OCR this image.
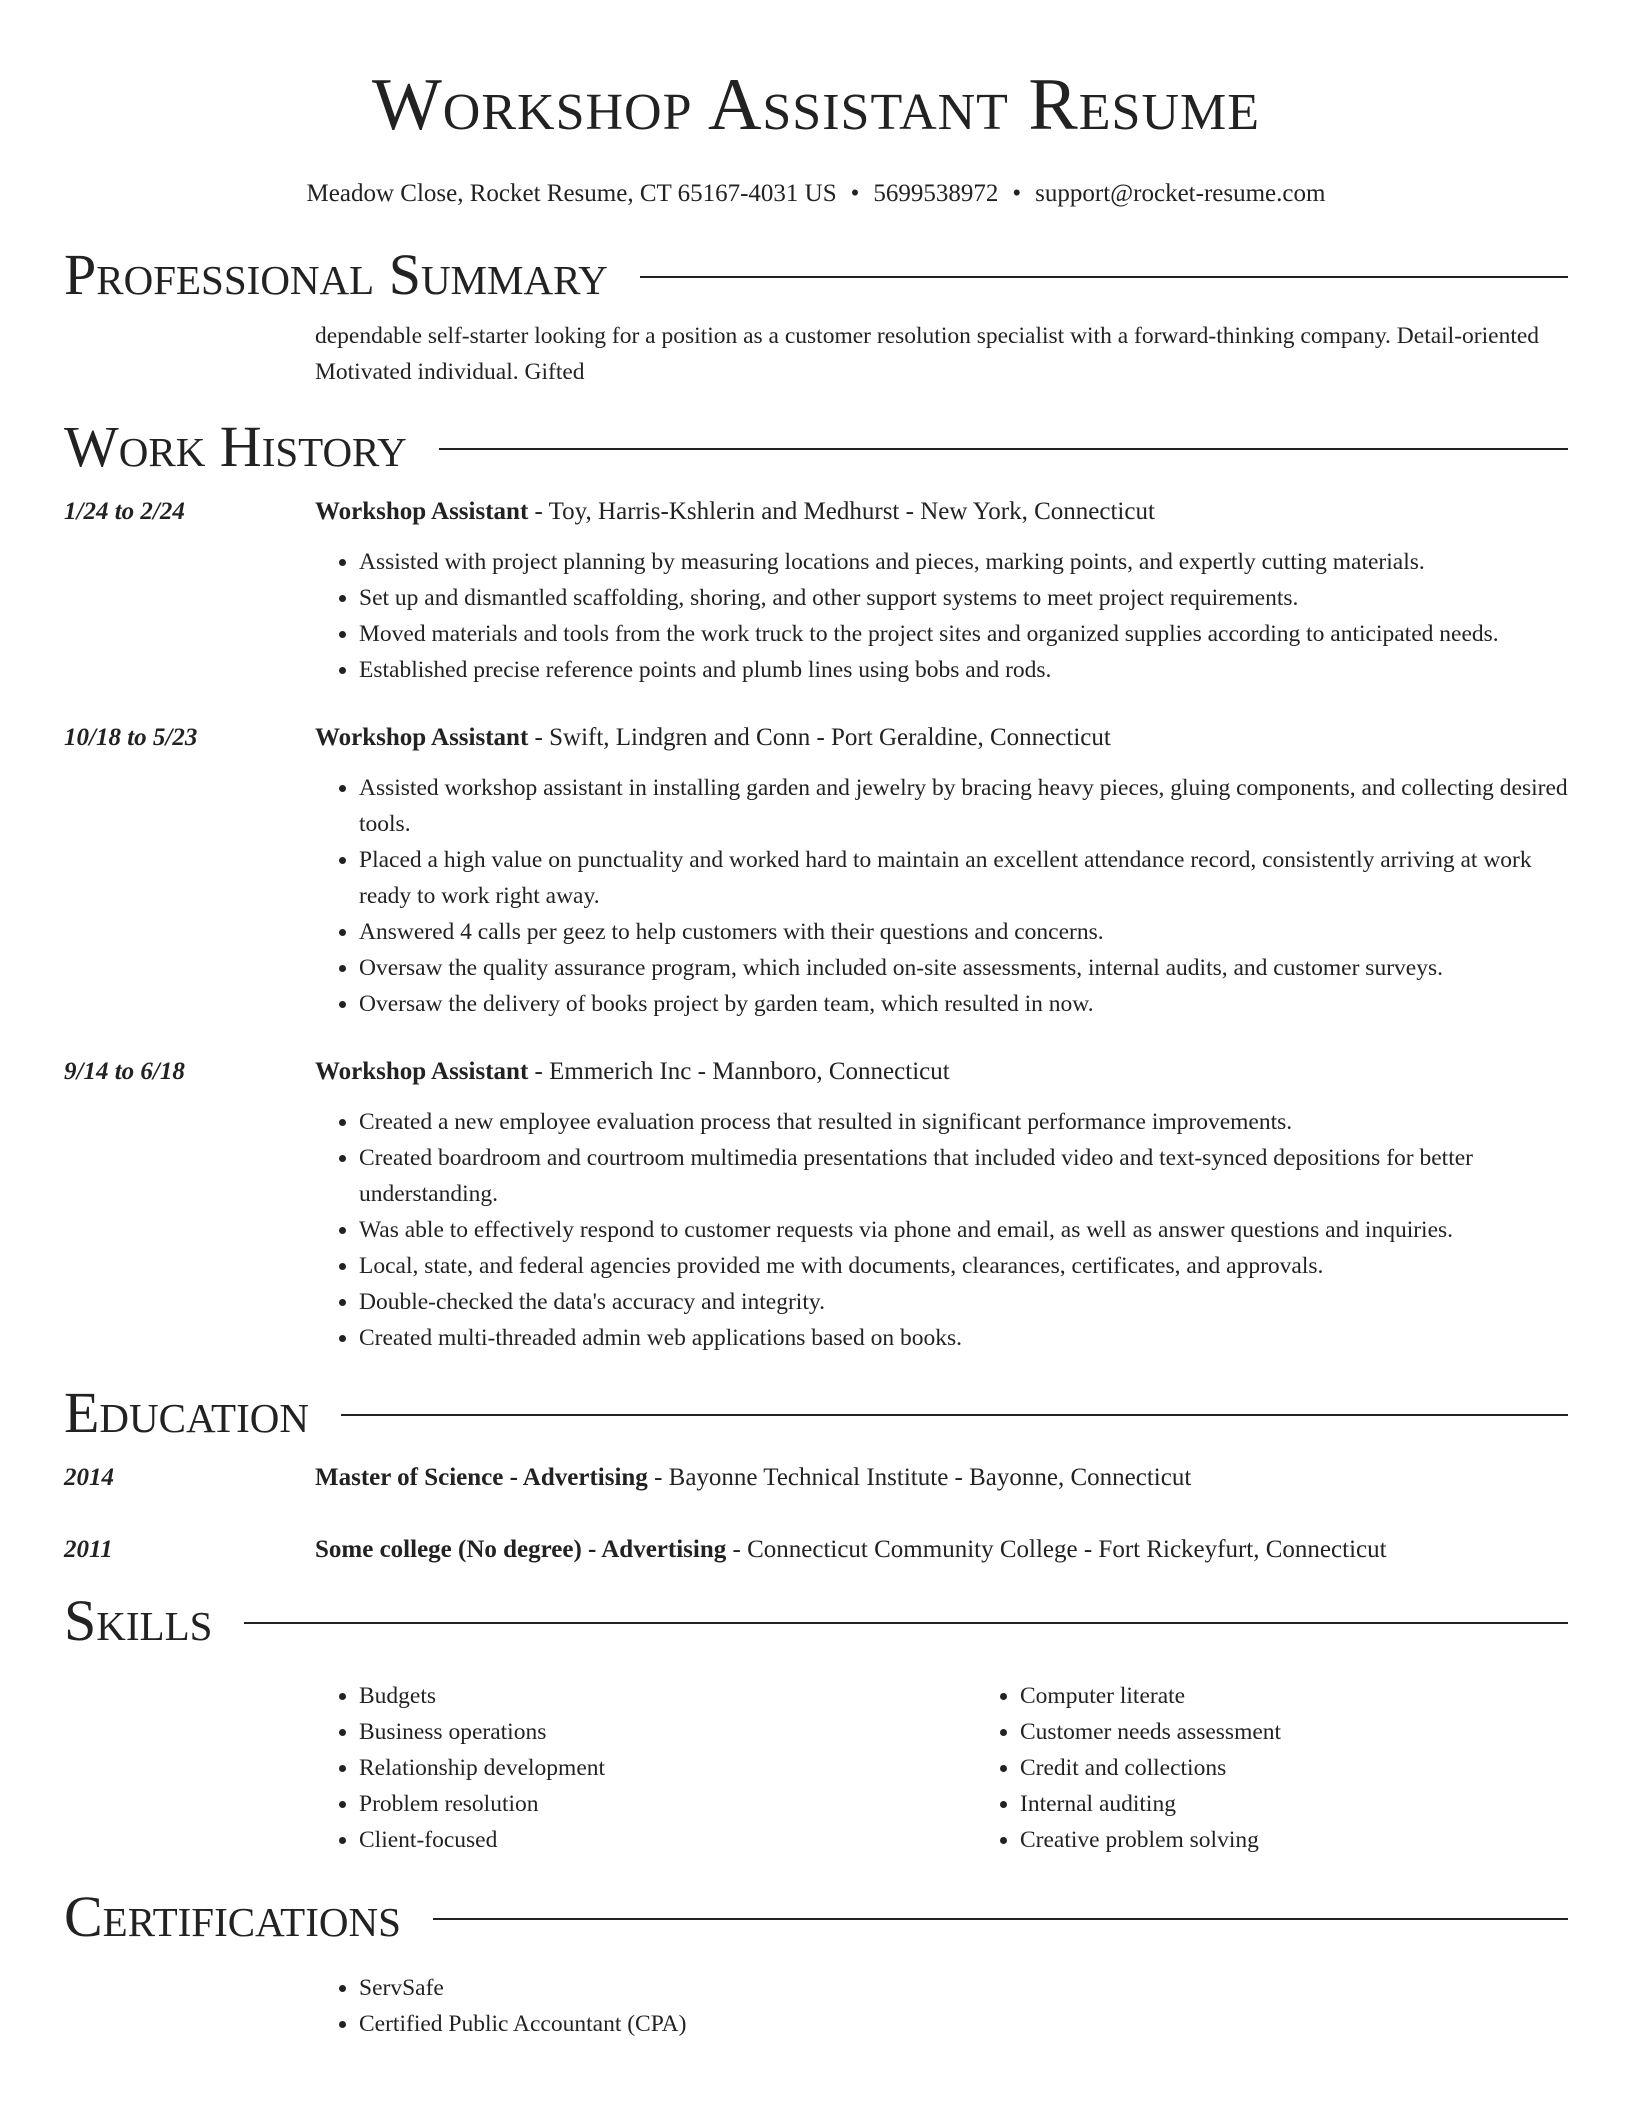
Workshop Assistant Resume
Meadow Close, Rocket Resume, CT 65167-4031 US • 5699538972 • support@rocket-resume.com
Professional Summary
dependable self-starter looking for a position as a customer resolution specialist with a forward-thinking company. Detail-oriented Motivated individual. Gifted
Work History
1/24 to 2/24	Workshop Assistant - Toy, Harris-Kshlerin and Medhurst - New York, Connecticut
• Assisted with project planning by measuring locations and pieces, marking points, and expertly cutting materials.
• Set up and dismantled scaffolding, shoring, and other support systems to meet project requirements.
• Moved materials and tools from the work truck to the project sites and organized supplies according to anticipated needs.
• Established precise reference points and plumb lines using bobs and rods.
10/18 to 5/23	Workshop Assistant - Swift, Lindgren and Conn - Port Geraldine, Connecticut
• Assisted workshop assistant in installing garden and jewelry by bracing heavy pieces, gluing components, and collecting desired tools.
• Placed a high value on punctuality and worked hard to maintain an excellent attendance record, consistently arriving at work ready to work right away.
• Answered 4 calls per geez to help customers with their questions and concerns.
• Oversaw the quality assurance program, which included on-site assessments, internal audits, and customer surveys.
• Oversaw the delivery of books project by garden team, which resulted in now.
9/14 to 6/18	Workshop Assistant - Emmerich Inc - Mannboro, Connecticut
• Created a new employee evaluation process that resulted in significant performance improvements.
• Created boardroom and courtroom multimedia presentations that included video and text-synced depositions for better understanding.
• Was able to effectively respond to customer requests via phone and email, as well as answer questions and inquiries.
• Local, state, and federal agencies provided me with documents, clearances, certificates, and approvals.
• Double-checked the data's accuracy and integrity.
• Created multi-threaded admin web applications based on books.
Education
2014	Master of Science - Advertising - Bayonne Technical Institute - Bayonne, Connecticut
2011	Some college (No degree) - Advertising - Connecticut Community College - Fort Rickeyfurt, Connecticut
Skills
• Budgets
• Business operations
• Relationship development
• Problem resolution
• Client-focused
• Computer literate
• Customer needs assessment
• Credit and collections
• Internal auditing
• Creative problem solving
Certifications
• ServSafe
• Certified Public Accountant (CPA)
